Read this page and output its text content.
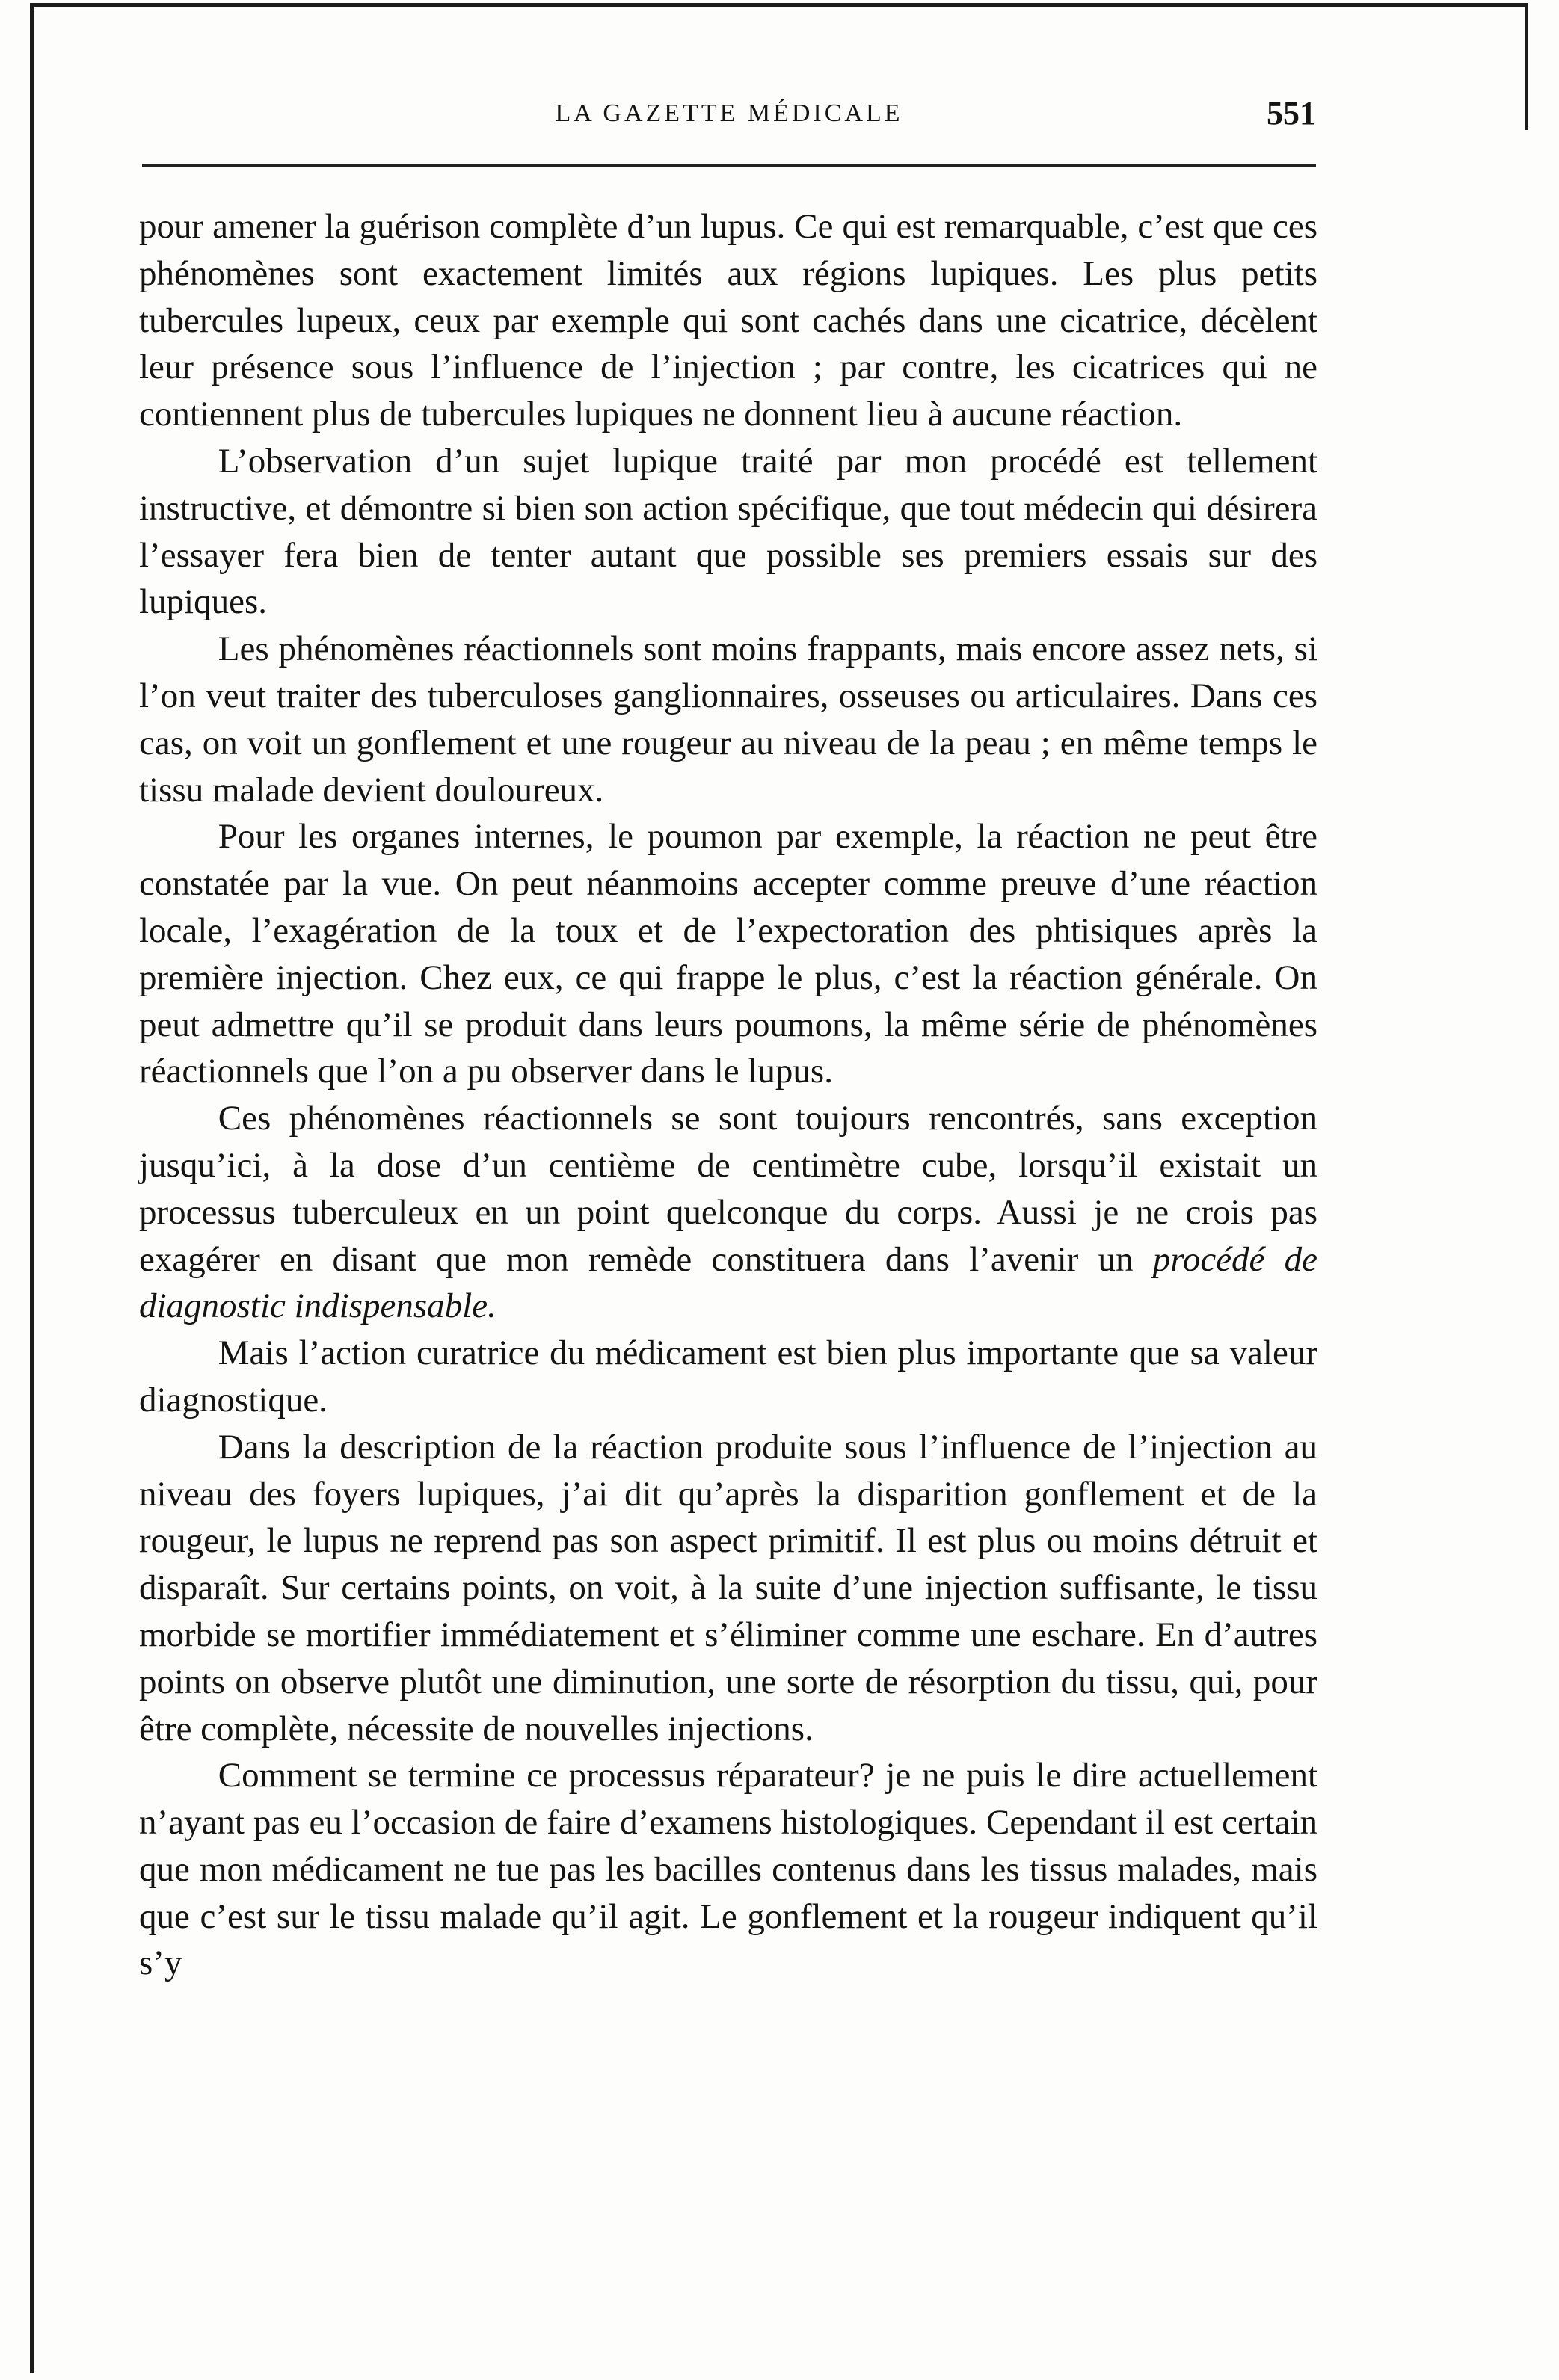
LA GAZETTE MÉDICALE	551

pour amener la guérison complète d’un lupus. Ce qui est remarquable, c’est que ces phénomènes sont exactement limités aux régions lupiques. Les plus petits tubercules lupeux, ceux par exemple qui sont cachés dans une cicatrice, décèlent leur présence sous l’influence de l’injection ; par contre, les cicatrices qui ne contiennent plus de tubercules lupiques ne donnent lieu à aucune réaction.

L’observation d’un sujet lupique traité par mon procédé est tellement instructive, et démontre si bien son action spécifique, que tout médecin qui désirera l’essayer fera bien de tenter autant que possible ses premiers essais sur des lupiques.

Les phénomènes réactionnels sont moins frappants, mais encore assez nets, si l’on veut traiter des tuberculoses ganglionnaires, osseuses ou articulaires. Dans ces cas, on voit un gonflement et une rougeur au niveau de la peau ; en même temps le tissu malade devient douloureux.

Pour les organes internes, le poumon par exemple, la réaction ne peut être constatée par la vue. On peut néanmoins accepter comme preuve d’une réaction locale, l’exagération de la toux et de l’expectoration des phtisiques après la première injection. Chez eux, ce qui frappe le plus, c’est la réaction générale. On peut admettre qu’il se produit dans leurs poumons, la même série de phénomènes réactionnels que l’on a pu observer dans le lupus.

Ces phénomènes réactionnels se sont toujours rencontrés, sans exception jusqu’ici, à la dose d’un centième de centimètre cube, lorsqu’il existait un processus tuberculeux en un point quelconque du corps. Aussi je ne crois pas exagérer en disant que mon remède constituera dans l’avenir un procédé de diagnostic indispensable.

Mais l’action curatrice du médicament est bien plus importante que sa valeur diagnostique.

Dans la description de la réaction produite sous l’influence de l’injection au niveau des foyers lupiques, j’ai dit qu’après la disparition gonflement et de la rougeur, le lupus ne reprend pas son aspect primitif. Il est plus ou moins détruit et disparaît. Sur certains points, on voit, à la suite d’une injection suffisante, le tissu morbide se mortifier immédiatement et s’éliminer comme une eschare. En d’autres points on observe plutôt une diminution, une sorte de résorption du tissu, qui, pour être complète, nécessite de nouvelles injections.

Comment se termine ce processus réparateur? je ne puis le dire actuellement n’ayant pas eu l’occasion de faire d’examens histologiques. Cependant il est certain que mon médicament ne tue pas les bacilles contenus dans les tissus malades, mais que c’est sur le tissu malade qu’il agit. Le gonflement et la rougeur indiquent qu’il s’y
